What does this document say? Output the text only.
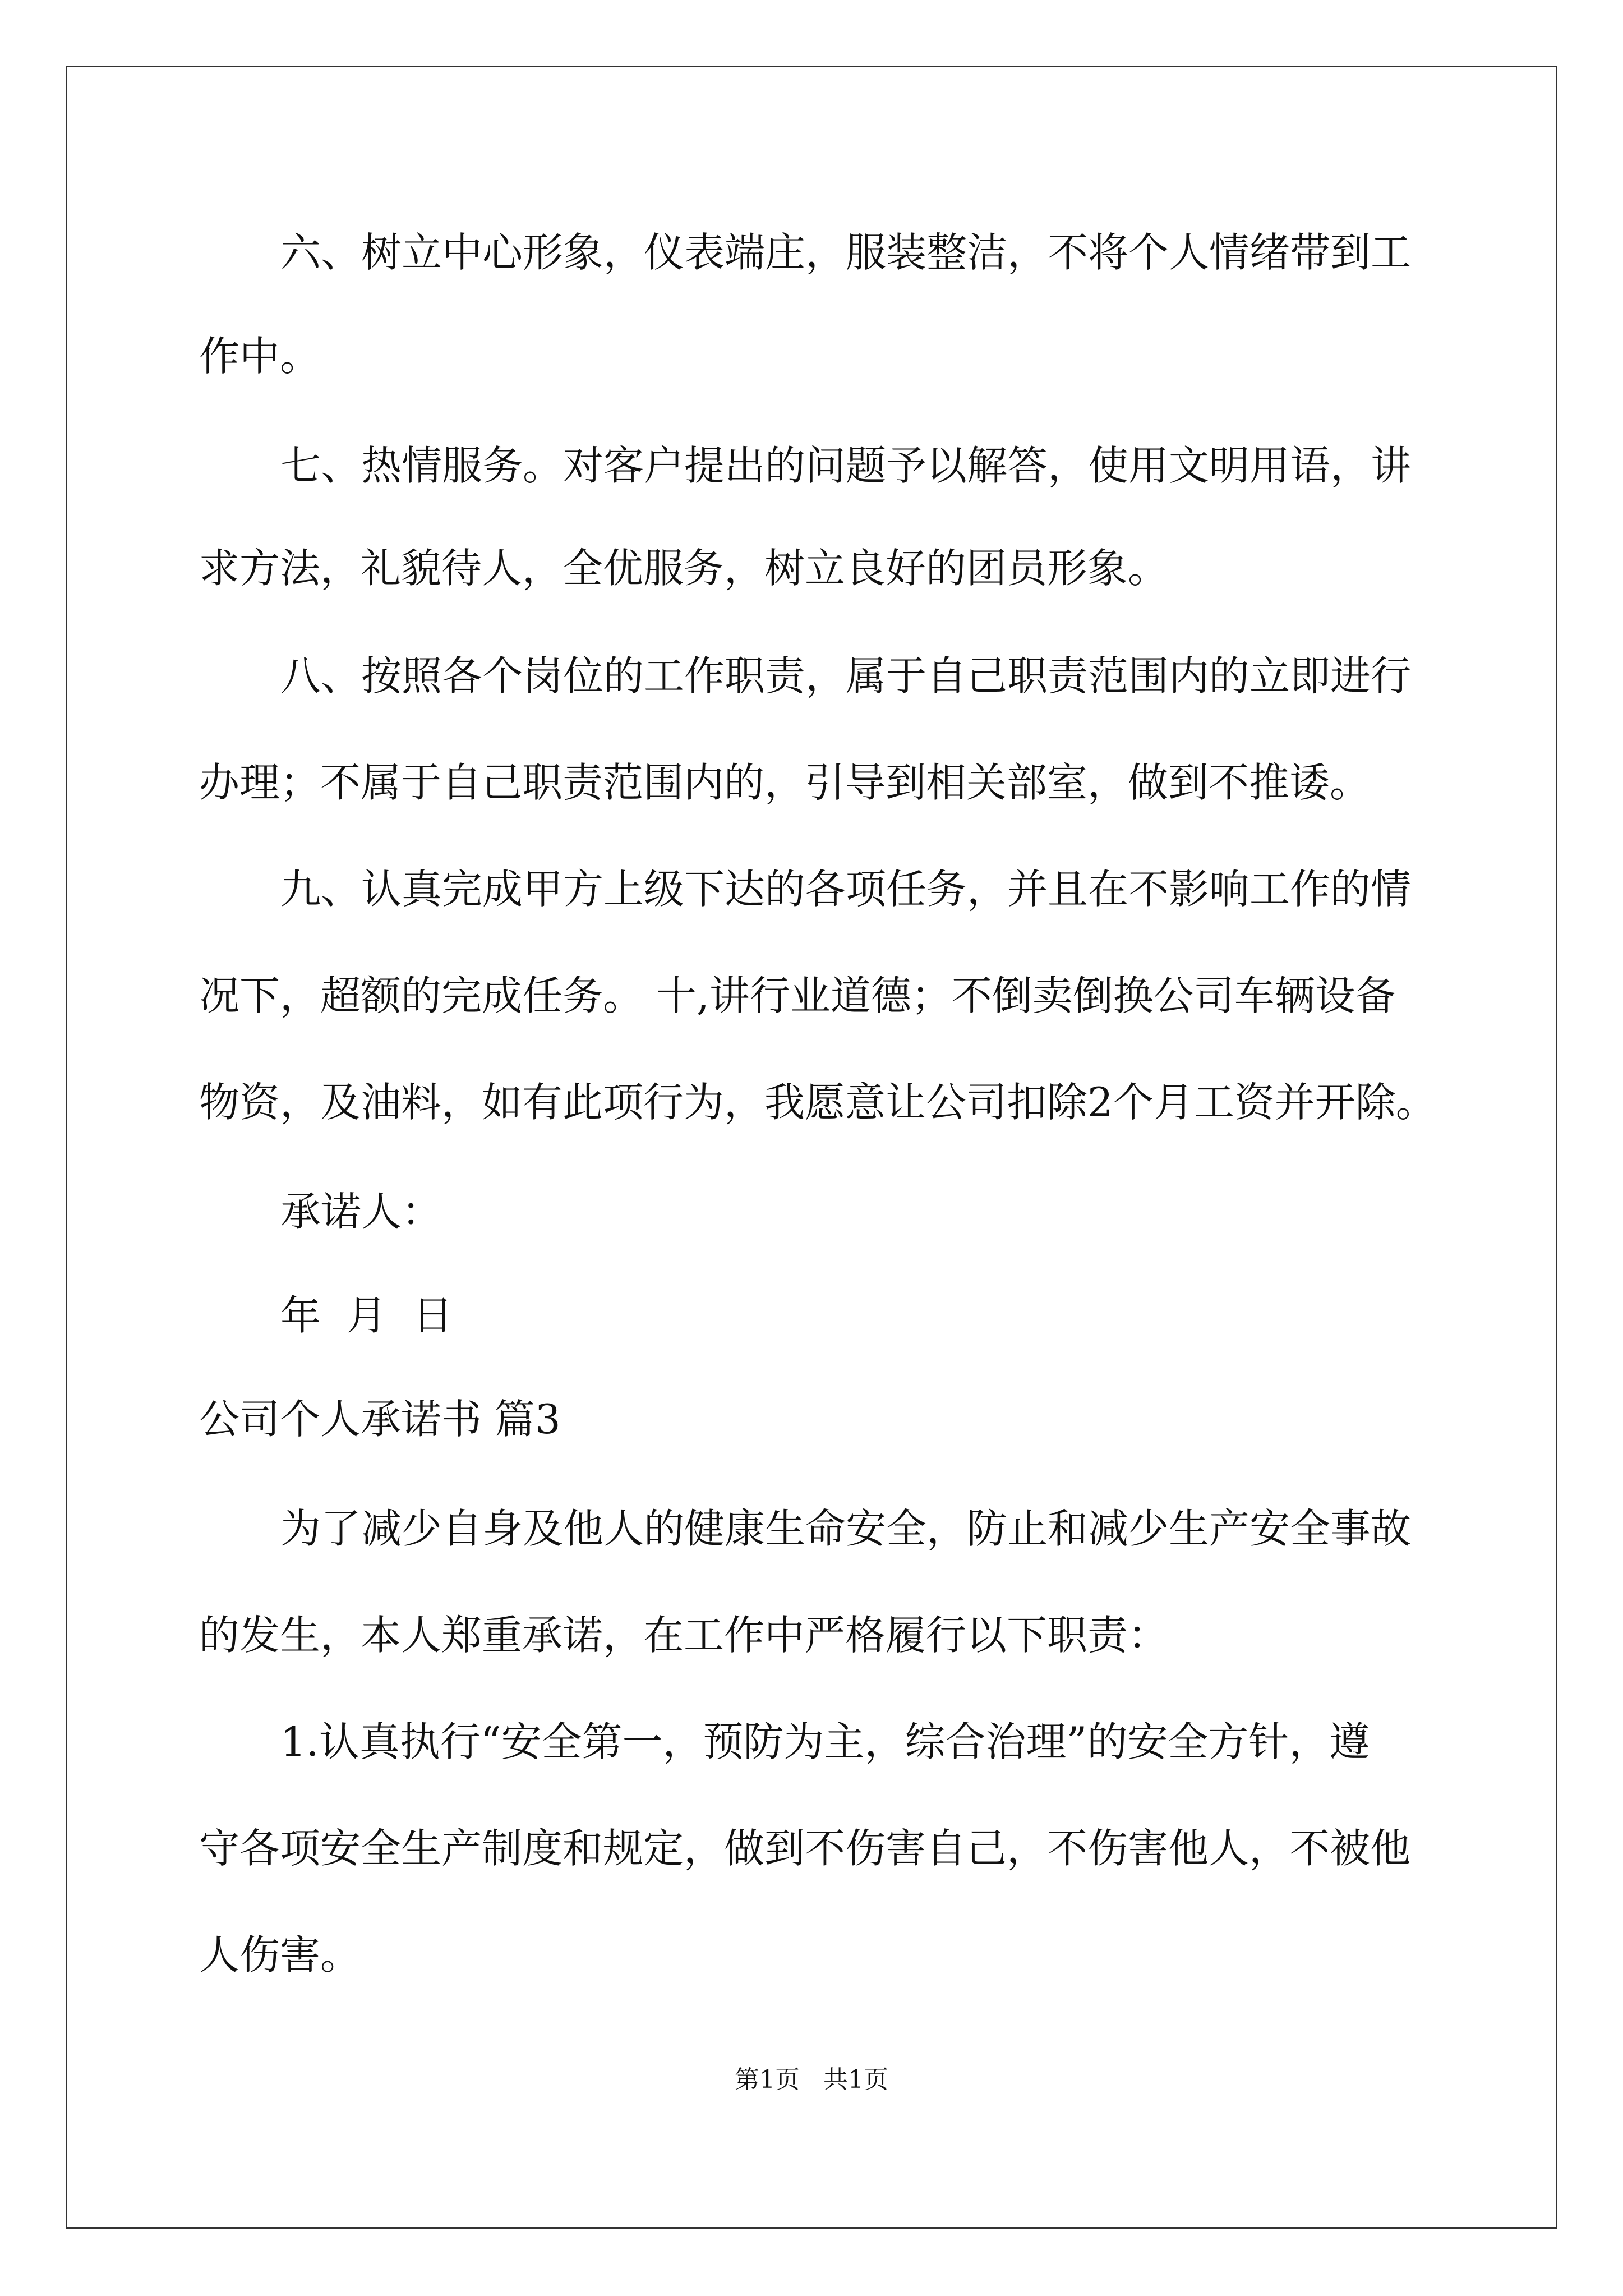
六、树立中心形象，仪表端庄，服装整洁，不将个人情绪带到工
作中。
七、热情服务。对客户提出的问题予以解答，使用文明用语，讲
求方法，礼貌待人，全优服务，树立良好的团员形象。
八、按照各个岗位的工作职责，属于自己职责范围内的立即进行
办理；不属于自己职责范围内的，引导到相关部室，做到不推诿。
九、认真完成甲方上级下达的各项任务，并且在不影响工作的情
况下，超额的完成任务。 十,讲行业道德；不倒卖倒换公司车辆设备
物资，及油料，如有此项行为，我愿意让公司扣除2个月工资并开除。
承诺人：
年  月  日
公司个人承诺书 篇3
为了减少自身及他人的健康生命安全，防止和减少生产安全事故
的发生，本人郑重承诺，在工作中严格履行以下职责：
1.认真执行“安全第一，预防为主，综合治理”的安全方针，遵
守各项安全生产制度和规定，做到不伤害自己，不伤害他人，不被他
人伤害。
第1页   共1页
